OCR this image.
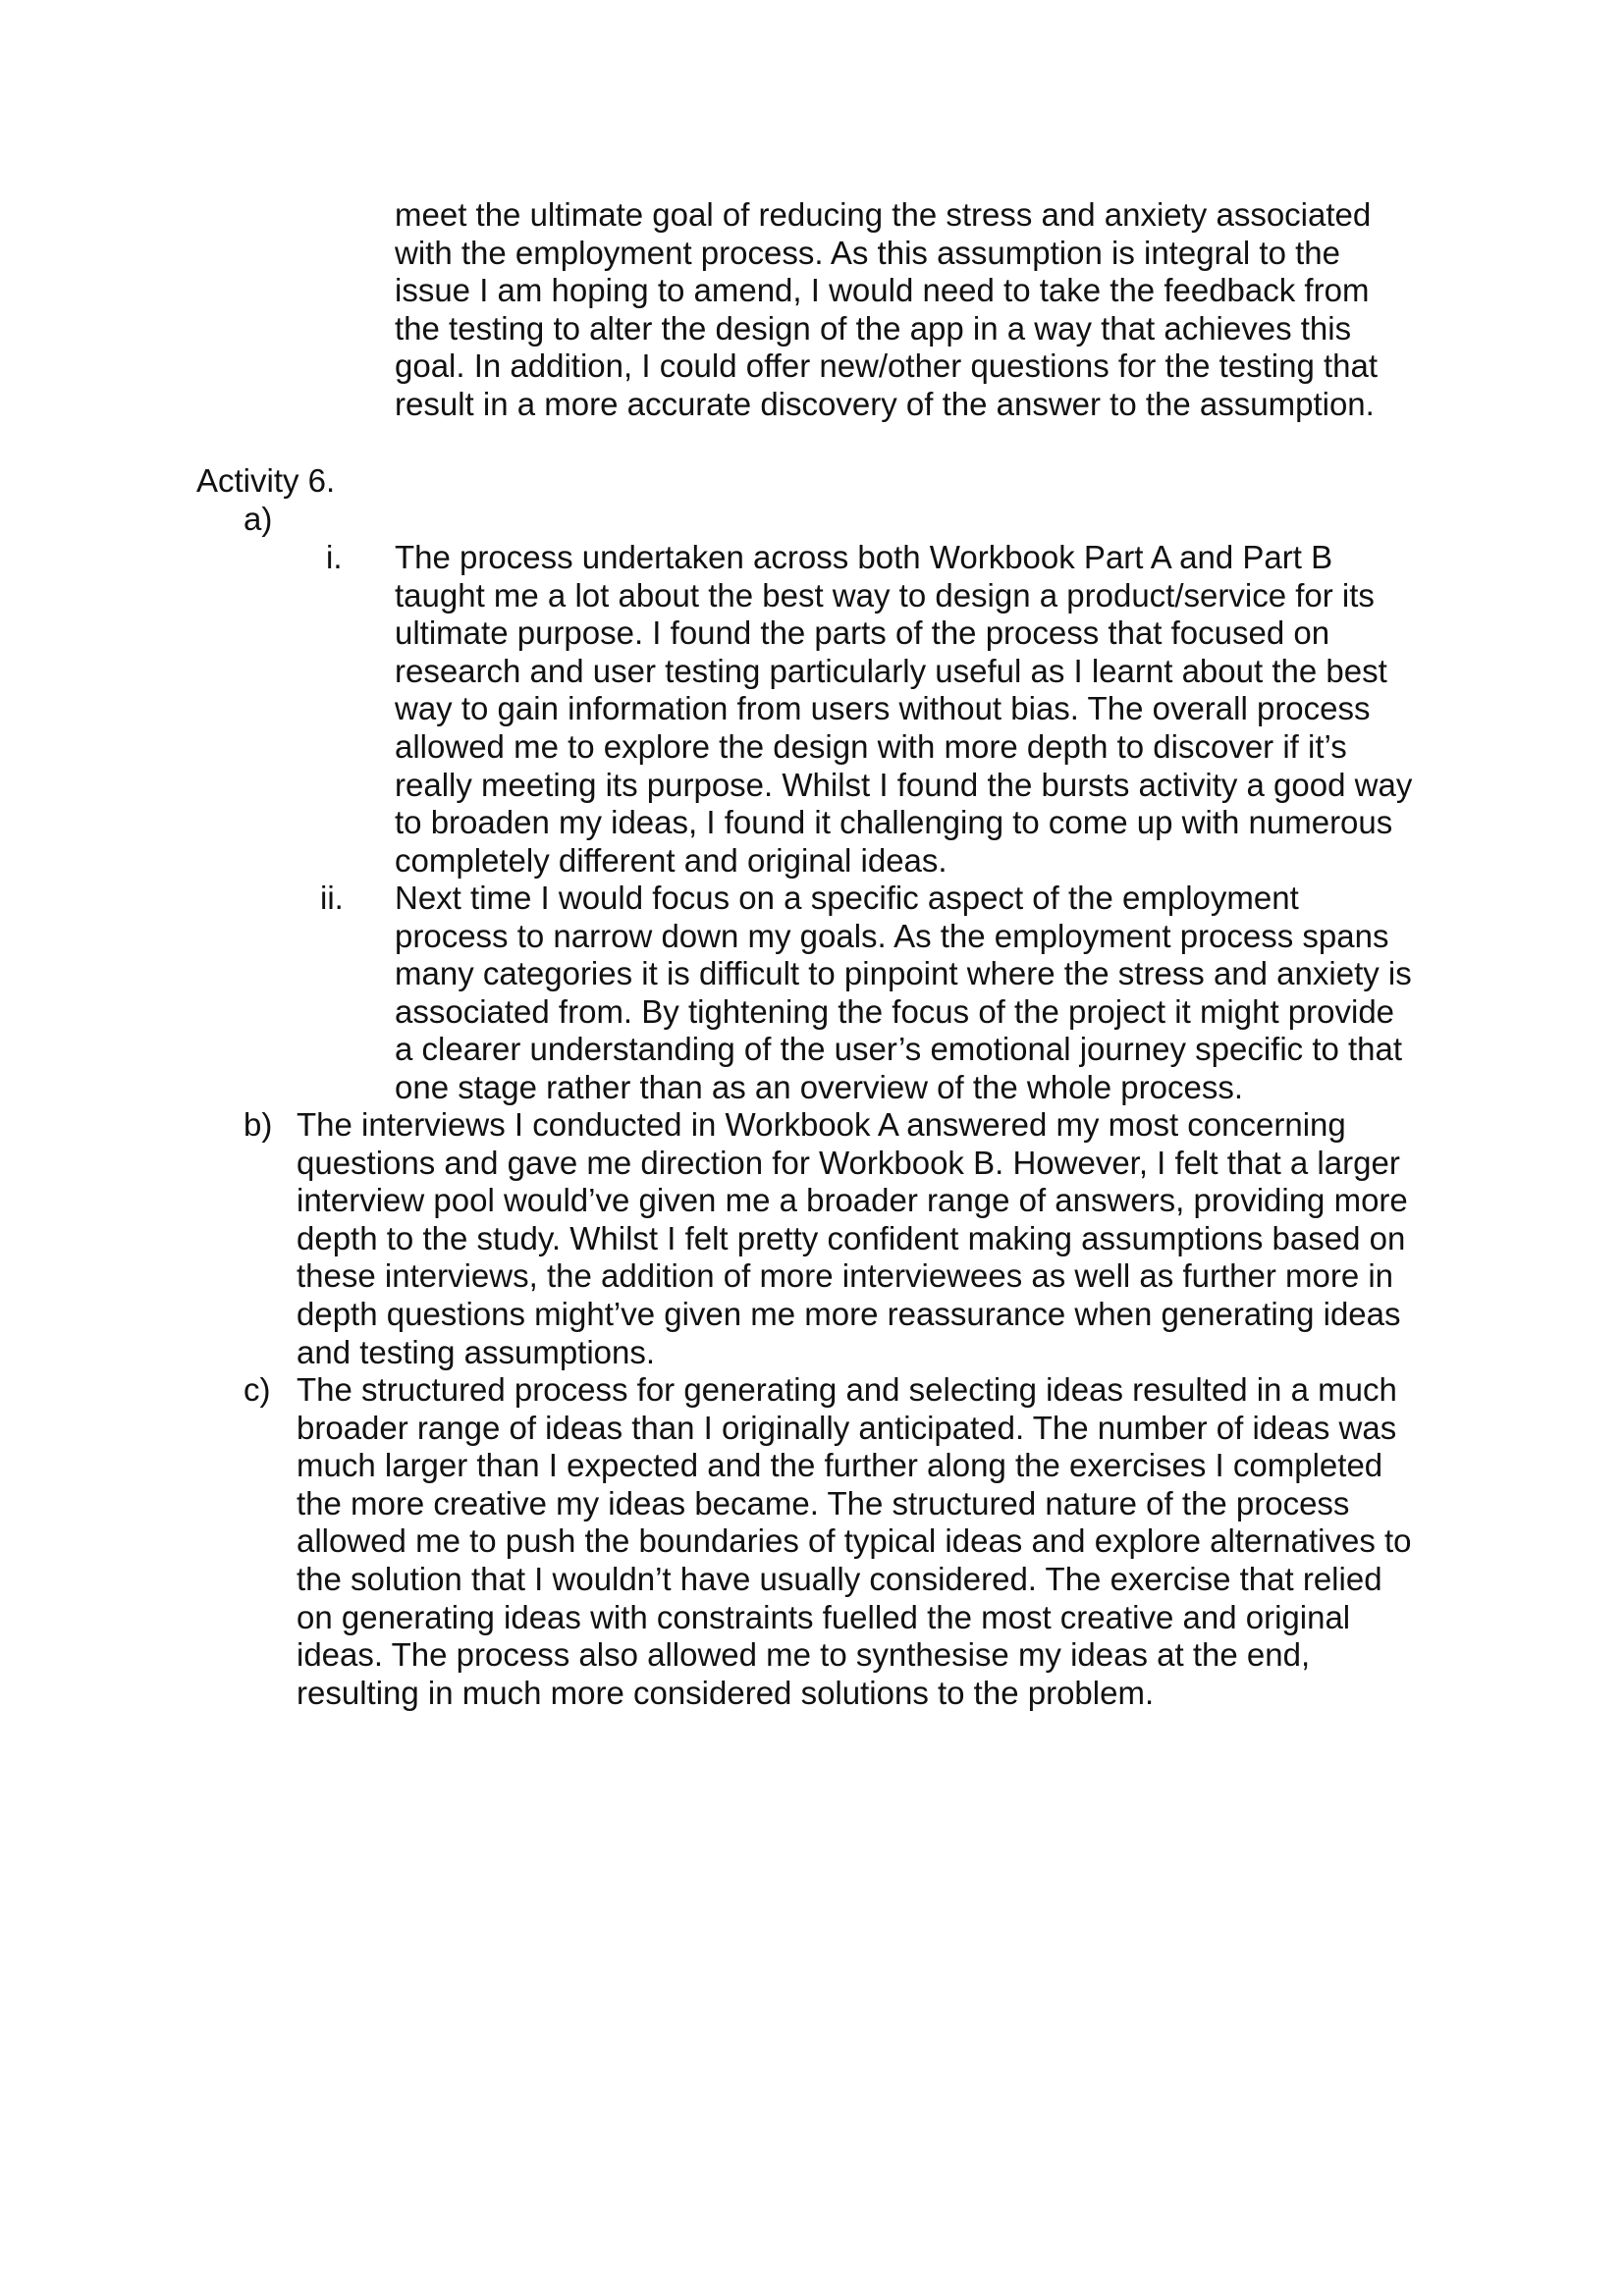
meet the ultimate goal of reducing the stress and anxiety associated
with the employment process. As this assumption is integral to the
issue I am hoping to amend, I would need to take the feedback from
the testing to alter the design of the app in a way that achieves this
goal. In addition, I could offer new/other questions for the testing that
result in a more accurate discovery of the answer to the assumption.
Activity 6.
a)
i. The process undertaken across both Workbook Part A and Part B
taught me a lot about the best way to design a product/service for its
ultimate purpose. I found the parts of the process that focused on
research and user testing particularly useful as I learnt about the best
way to gain information from users without bias. The overall process
allowed me to explore the design with more depth to discover if it’s
really meeting its purpose. Whilst I found the bursts activity a good way
to broaden my ideas, I found it challenging to come up with numerous
completely different and original ideas.
ii. Next time I would focus on a specific aspect of the employment
process to narrow down my goals. As the employment process spans
many categories it is difficult to pinpoint where the stress and anxiety is
associated from. By tightening the focus of the project it might provide
a clearer understanding of the user’s emotional journey specific to that
one stage rather than as an overview of the whole process.
b) The interviews I conducted in Workbook A answered my most concerning
questions and gave me direction for Workbook B. However, I felt that a larger
interview pool would’ve given me a broader range of answers, providing more
depth to the study. Whilst I felt pretty confident making assumptions based on
these interviews, the addition of more interviewees as well as further more in
depth questions might’ve given me more reassurance when generating ideas
and testing assumptions.
c) The structured process for generating and selecting ideas resulted in a much
broader range of ideas than I originally anticipated. The number of ideas was
much larger than I expected and the further along the exercises I completed
the more creative my ideas became. The structured nature of the process
allowed me to push the boundaries of typical ideas and explore alternatives to
the solution that I wouldn’t have usually considered. The exercise that relied
on generating ideas with constraints fuelled the most creative and original
ideas. The process also allowed me to synthesise my ideas at the end,
resulting in much more considered solutions to the problem.
